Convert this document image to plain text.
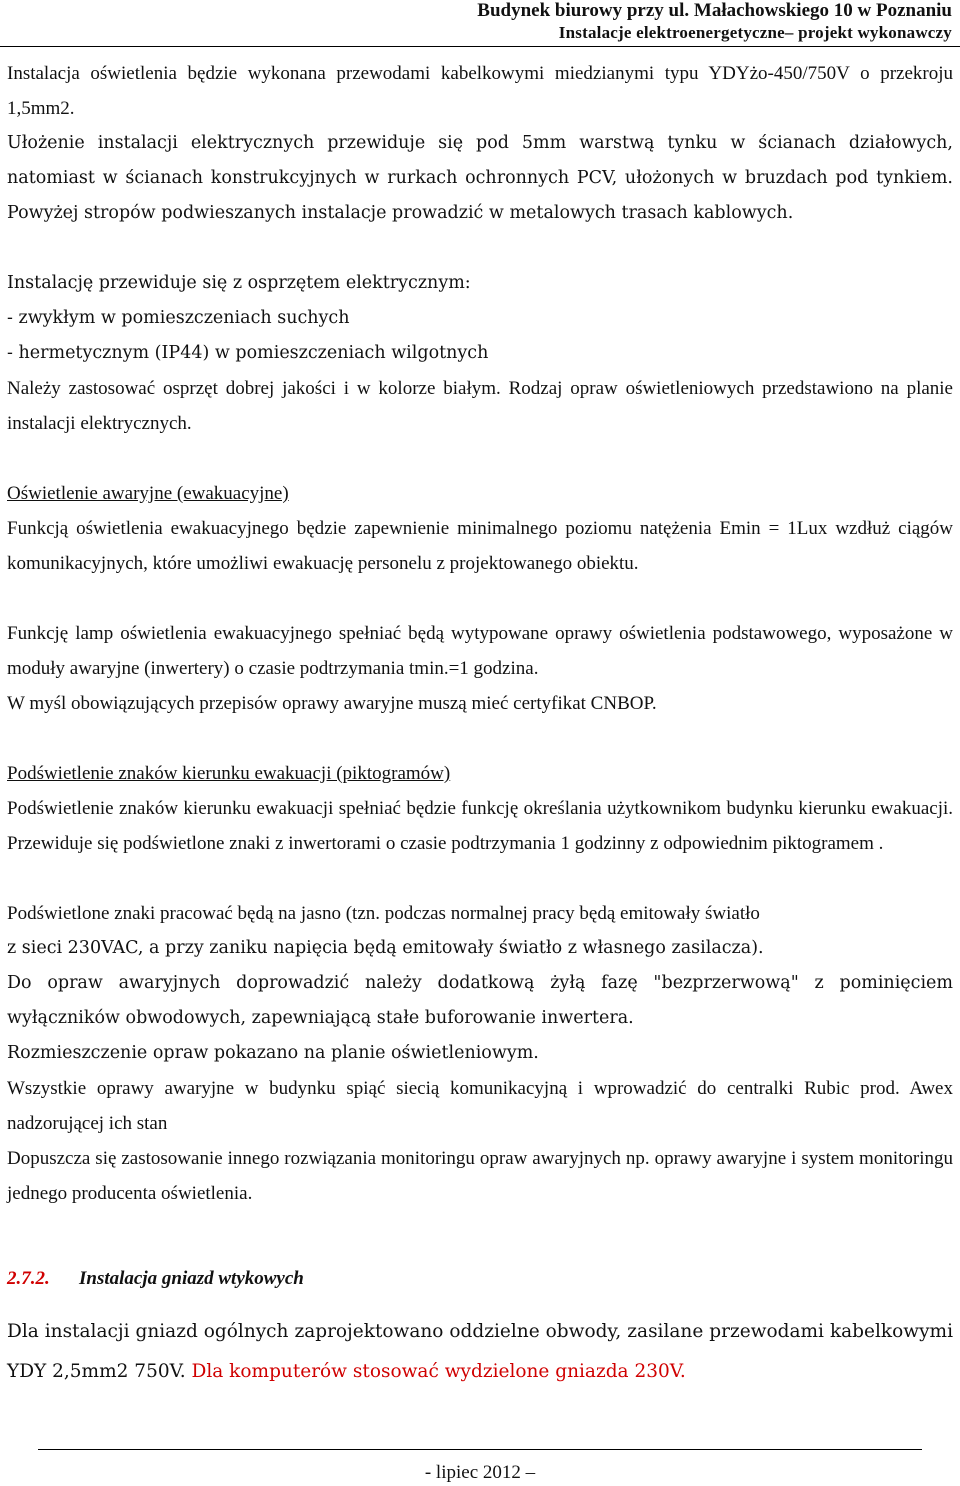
Budynek biurowy przy ul. Małachowskiego 10 w Poznaniu
Instalacje elektroenergetyczne– projekt wykonawczy

Instalacja oświetlenia będzie wykonana przewodami kabelkowymi miedzianymi typu YDYżo-450/750V o przekroju 1,5mm2.

Ułożenie instalacji elektrycznych przewiduje się pod 5mm warstwą tynku w ścianach działowych, natomiast w ścianach konstrukcyjnych w rurkach ochronnych PCV, ułożonych w bruzdach pod tynkiem. Powyżej stropów podwieszanych instalacje prowadzić w metalowych trasach kablowych.

Instalację przewiduje się z osprzętem elektrycznym:

- zwykłym w pomieszczeniach suchych

- hermetycznym (IP44) w pomieszczeniach wilgotnych

Należy zastosować osprzęt dobrej jakości i w kolorze białym. Rodzaj opraw oświetleniowych przedstawiono na planie instalacji elektrycznych.

Oświetlenie awaryjne (ewakuacyjne)

Funkcją oświetlenia ewakuacyjnego będzie zapewnienie minimalnego poziomu natężenia Emin = 1Lux wzdłuż ciągów komunikacyjnych, które umożliwi ewakuację personelu z projektowanego obiektu.

Funkcję lamp oświetlenia ewakuacyjnego spełniać będą wytypowane oprawy oświetlenia podstawowego, wyposażone w moduły awaryjne (inwertery) o czasie podtrzymania tmin.=1 godzina.

W myśl obowiązujących przepisów oprawy awaryjne muszą mieć certyfikat CNBOP.

Podświetlenie znaków kierunku ewakuacji (piktogramów)

Podświetlenie znaków kierunku ewakuacji spełniać będzie funkcję określania użytkownikom budynku kierunku ewakuacji. Przewiduje się podświetlone znaki z inwertorami o czasie podtrzymania 1 godzinny z odpowiednim piktogramem .

Podświetlone znaki pracować będą na jasno (tzn. podczas normalnej pracy będą emitowały światło

z sieci 230VAC, a przy zaniku napięcia będą emitowały światło z własnego zasilacza).

Do opraw awaryjnych doprowadzić należy dodatkową żyłą fazę "bezprzerwową" z pominięciem wyłączników obwodowych, zapewniającą stałe buforowanie inwertera.

Rozmieszczenie opraw pokazano na planie oświetleniowym.

Wszystkie oprawy awaryjne w budynku spiąć siecią komunikacyjną i wprowadzić do centralki Rubic prod. Awex nadzorującej ich stan

Dopuszcza się zastosowanie innego rozwiązania monitoringu opraw awaryjnych np. oprawy awaryjne i system monitoringu jednego producenta oświetlenia.

2.7.2. Instalacja gniazd wtykowych

Dla instalacji gniazd ogólnych zaprojektowano oddzielne obwody, zasilane przewodami kabelkowymi YDY 2,5mm2 750V. Dla komputerów stosować wydzielone gniazda 230V.

- lipiec 2012 –
